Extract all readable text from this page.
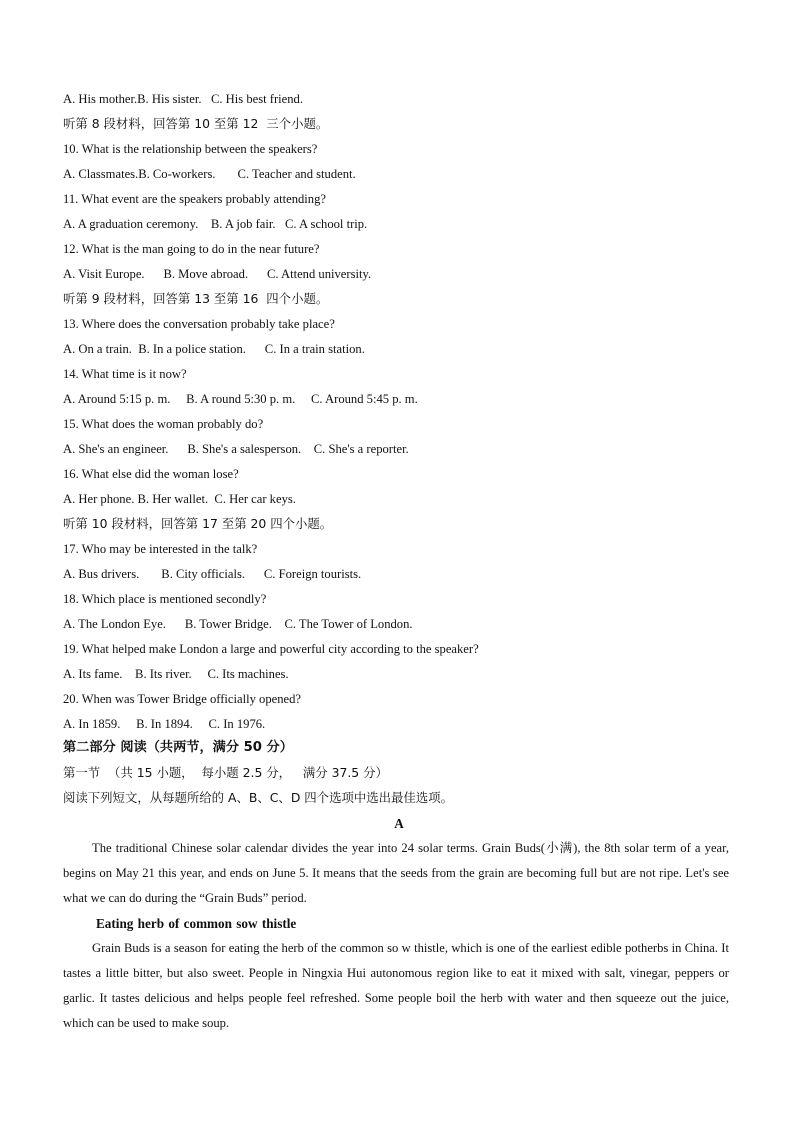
A. His mother.B. His sister.   C. His best friend.
听第 8 段材料，回答第 10 至第 12  三个小题。
10. What is the relationship between the speakers?
A. Classmates.B. Co-workers.       C. Teacher and student.
11. What event are the speakers probably attending?
A. A graduation ceremony.    B. A job fair.   C. A school trip.
12. What is the man going to do in the near future?
A. Visit Europe.      B. Move abroad.      C. Attend university.
听第 9 段材料，回答第 13 至第 16  四个小题。
13. Where does the conversation probably take place?
A. On a train.  B. In a police station.      C. In a train station.
14. What time is it now?
A. Around 5:15 p. m.     B. A round 5:30 p. m.     C. Around 5:45 p. m.
15. What does the woman probably do?
A. She's an engineer.      B. She's a salesperson.    C. She's a reporter.
16. What else did the woman lose?
A. Her phone. B. Her wallet.  C. Her car keys.
听第 10 段材料，回答第 17 至第 20 四个小题。
17. Who may be interested in the talk?
A. Bus drivers.       B. City officials.      C. Foreign tourists.
18. Which place is mentioned secondly?
A. The London Eye.      B. Tower Bridge.    C. The Tower of London.
19. What helped make London a large and powerful city according to the speaker?
A. Its fame.    B. Its river.     C. Its machines.
20. When was Tower Bridge officially opened?
A. In 1859.     B. In 1894.     C. In 1976.
第二部分 阅读（共两节，满分 50 分）
第一节  （共 15 小题，  每小题 2.5 分，   满分 37.5 分）
阅读下列短文，从每题所给的 A、B、C、D 四个选项中选出最佳选项。
A
The traditional Chinese solar calendar divides the year into 24 solar terms. Grain Buds(小满), the 8th solar term of a year, begins on May 21 this year, and ends on June 5. It means that the seeds from the grain are becoming full but are not ripe. Let's see what we can do during the “Grain Buds” period.
Eating herb of common sow thistle
Grain Buds is a season for eating the herb of the common so w thistle, which is one of the earliest edible potherbs in China. It tastes a little bitter, but also sweet. People in Ningxia Hui autonomous region like to eat it mixed with salt, vinegar, peppers or garlic. It tastes delicious and helps people feel refreshed. Some people boil the herb with water and then squeeze out the juice, which can be used to make soup.
